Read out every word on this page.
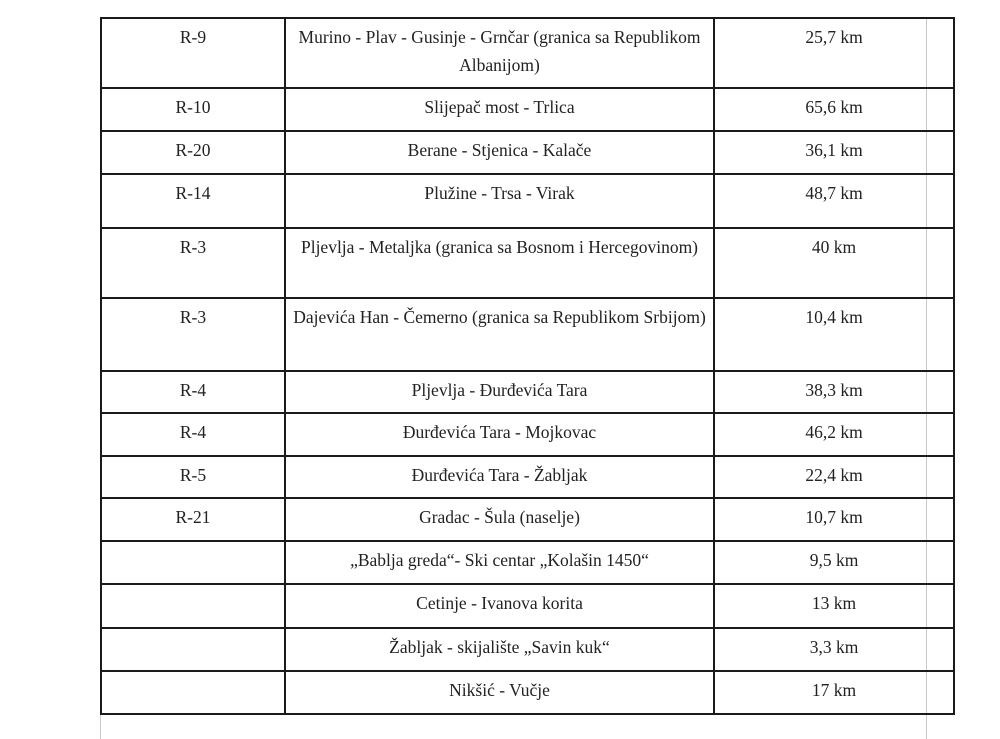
R-9	Murino - Plav - Gusinje - Grnčar (granica sa Republikom Albanijom)	25,7 km
R-10	Slijepač most - Trlica	65,6 km
R-20	Berane - Stjenica - Kalače	36,1 km
R-14	Plužine - Trsa - Virak	48,7 km
R-3	Pljevlja - Metaljka (granica sa Bosnom i Hercegovinom)	40 km
R-3	Dajevića Han - Čemerno (granica sa Republikom Srbijom)	10,4 km
R-4	Pljevlja - Đurđevića Tara	38,3 km
R-4	Đurđevića Tara - Mojkovac	46,2 km
R-5	Đurđevića Tara - Žabljak	22,4 km
R-21	Gradac - Šula (naselje)	10,7 km
	„Bablja greda“- Ski centar „Kolašin 1450“	9,5 km
	Cetinje - Ivanova korita	13 km
	Žabljak - skijalište „Savin kuk“	3,3 km
	Nikšić - Vučje	17 km
